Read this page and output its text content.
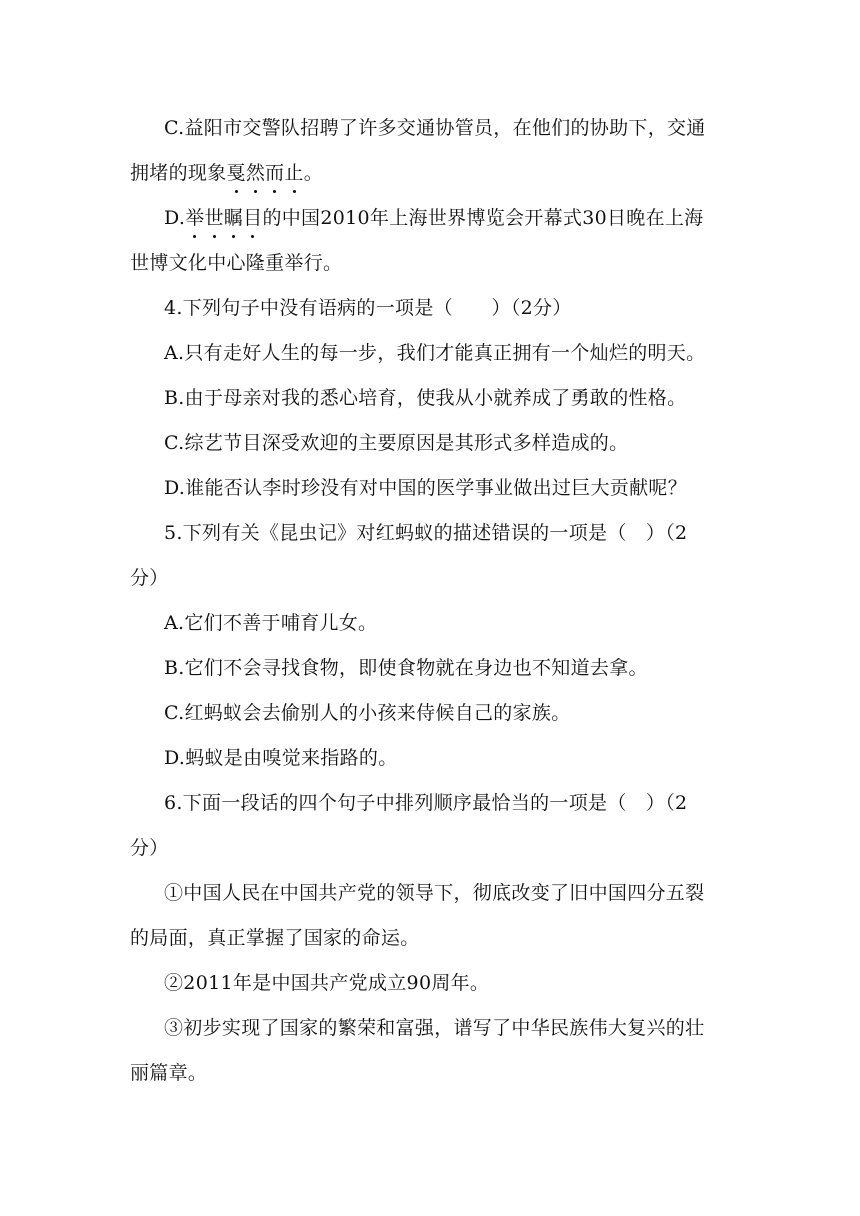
C.益阳市交警队招聘了许多交通协管员，在他们的协助下，交通
拥堵的现象戛然而止。
D.举世瞩目的中国2010年上海世界博览会开幕式30日晚在上海
世博文化中心隆重举行。
4.下列句子中没有语病的一项是（　　）（2分）
A.只有走好人生的每一步，我们才能真正拥有一个灿烂的明天。
B.由于母亲对我的悉心培育，使我从小就养成了勇敢的性格。
C.综艺节目深受欢迎的主要原因是其形式多样造成的。
D.谁能否认李时珍没有对中国的医学事业做出过巨大贡献呢？
5.下列有关《昆虫记》对红蚂蚁的描述错误的一项是（　）（2
分）
A.它们不善于哺育儿女。
B.它们不会寻找食物，即使食物就在身边也不知道去拿。
C.红蚂蚁会去偷别人的小孩来侍候自己的家族。
D.蚂蚁是由嗅觉来指路的。
6.下面一段话的四个句子中排列顺序最恰当的一项是（　）（2
分）
①中国人民在中国共产党的领导下，彻底改变了旧中国四分五裂
的局面，真正掌握了国家的命运。
②2011年是中国共产党成立90周年。
③初步实现了国家的繁荣和富强，谱写了中华民族伟大复兴的壮
丽篇章。
